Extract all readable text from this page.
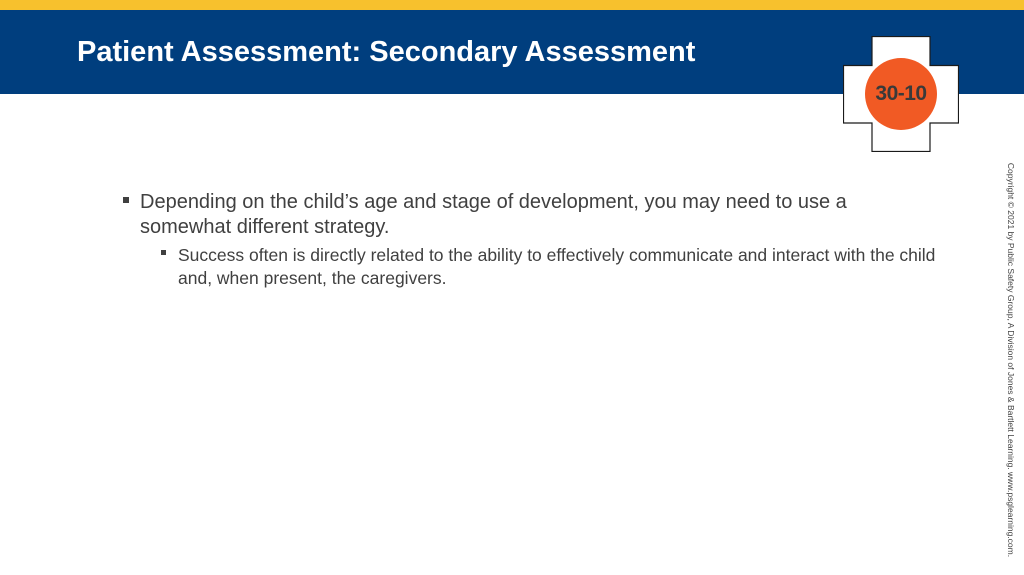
Patient Assessment: Secondary Assessment
30-10
Depending on the child’s age and stage of development, you may need to use a somewhat different strategy.
Success often is directly related to the ability to effectively communicate and interact with the child and, when present, the caregivers.	Copyright © 2021 by Public Safety Group, A Division of Jones & Bartlett Learning. www.psglearning.com.
